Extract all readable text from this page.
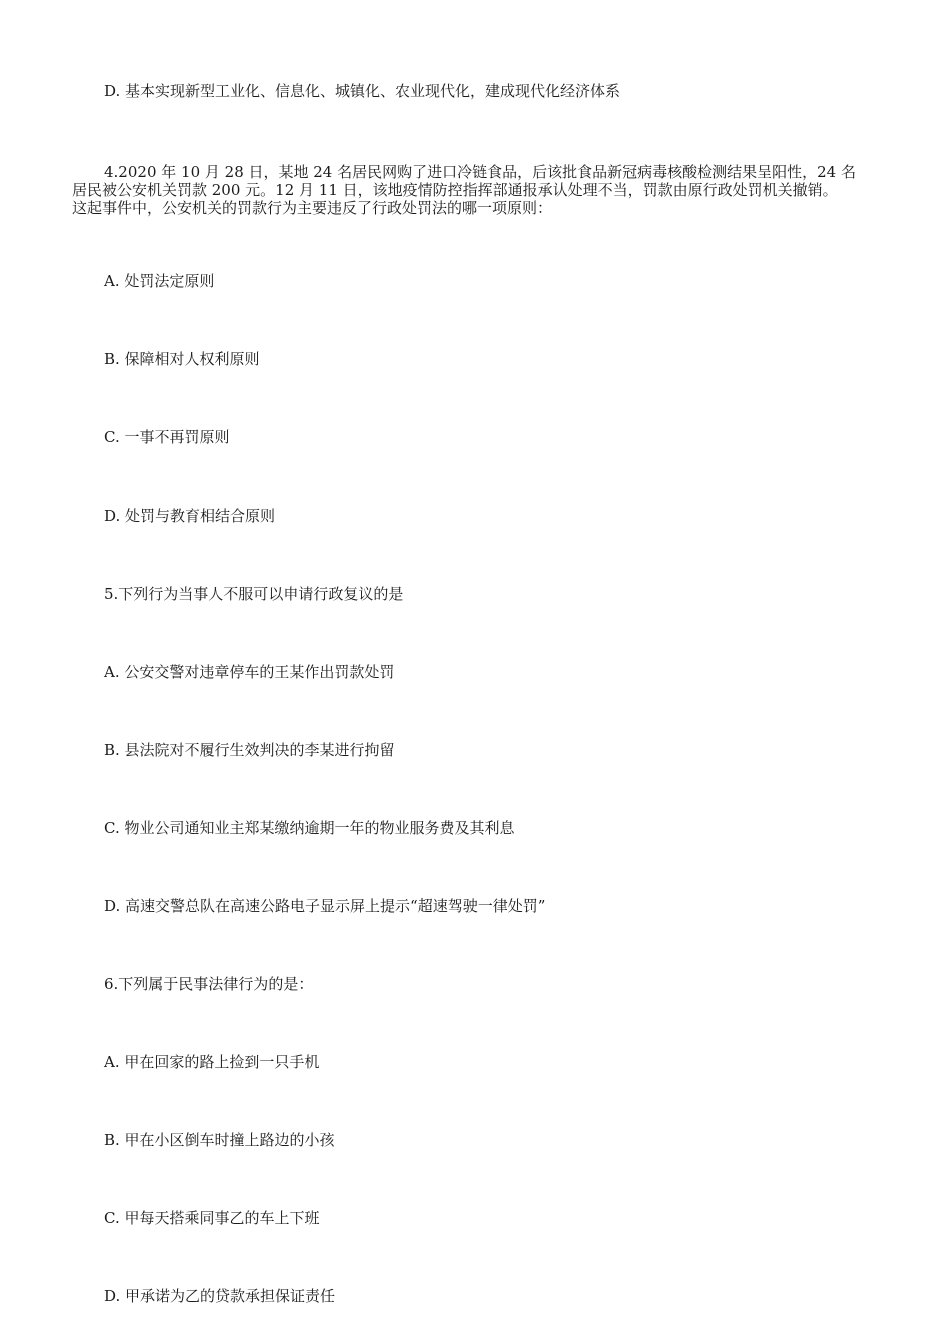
D. 基本实现新型工业化、信息化、城镇化、农业现代化，建成现代化经济体系
4.2020 年 10 月 28 日，某地 24 名居民网购了进口冷链食品，后该批食品新冠病毒核酸检测结果呈阳性，24 名
居民被公安机关罚款 200 元。12 月 11 日，该地疫情防控指挥部通报承认处理不当，罚款由原行政处罚机关撤销。
这起事件中，公安机关的罚款行为主要违反了行政处罚法的哪一项原则：
A. 处罚法定原则
B. 保障相对人权利原则
C. 一事不再罚原则
D. 处罚与教育相结合原则
5.下列行为当事人不服可以申请行政复议的是
A. 公安交警对违章停车的王某作出罚款处罚
B. 县法院对不履行生效判决的李某进行拘留
C. 物业公司通知业主郑某缴纳逾期一年的物业服务费及其利息
D. 高速交警总队在高速公路电子显示屏上提示“超速驾驶一律处罚”
6.下列属于民事法律行为的是：
A. 甲在回家的路上捡到一只手机
B. 甲在小区倒车时撞上路边的小孩
C. 甲每天搭乘同事乙的车上下班
D. 甲承诺为乙的贷款承担保证责任
